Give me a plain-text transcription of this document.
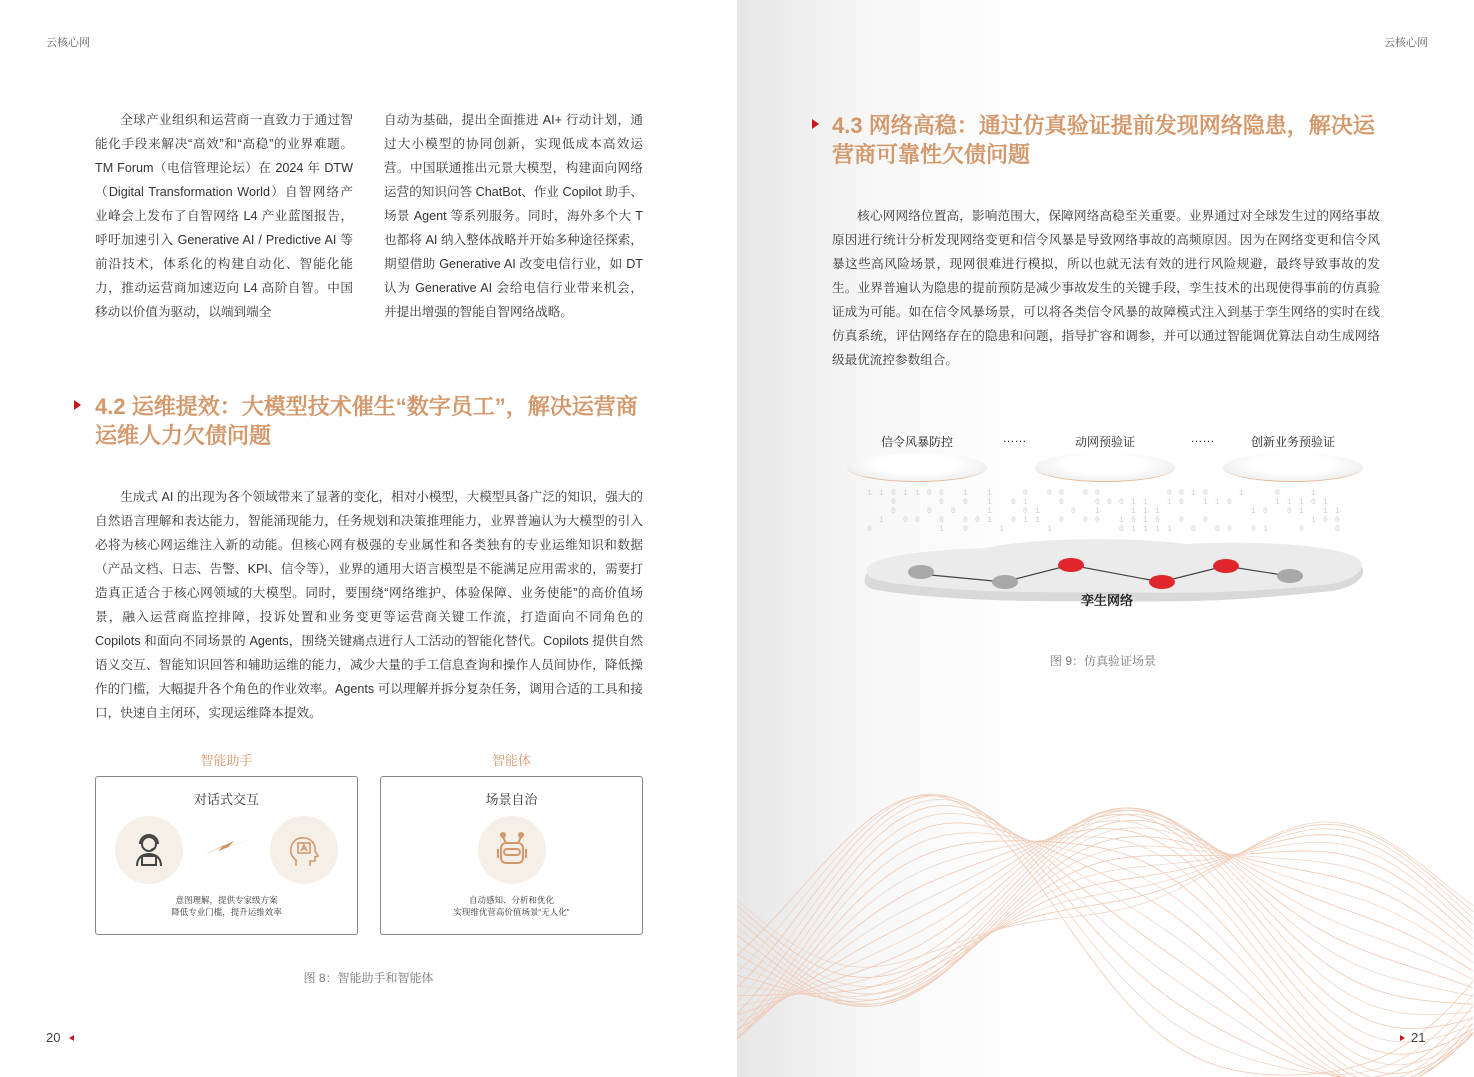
云核心网

全球产业组织和运营商一直致力于通过智能化手段来解决“高效”和“高稳”的业界难题。TM Forum（电信管理论坛）在 2024 年 DTW（Digital Transformation World）自智网络产业峰会上发布了自智网络 L4 产业蓝图报告，呼吁加速引入 Generative AI / Predictive AI 等前沿技术，体系化的构建自动化、智能化能力，推动运营商加速迈向 L4 高阶自智。中国移动以价值为驱动，以端到端全

自动为基础，提出全面推进 AI+ 行动计划，通过大小模型的协同创新，实现低成本高效运营。中国联通推出元景大模型，构建面向网络运营的知识问答 ChatBot、作业 Copilot 助手、场景 Agent 等系列服务。同时，海外多个大 T 也都将 AI 纳入整体战略并开始多种途径探索，期望借助 Generative AI 改变电信行业，如 DT 认为 Generative AI 会给电信行业带来机会，并提出增强的智能自智网络战略。
4.2 运维提效：大模型技术催生“数字员工”，解决运营商运维人力欠债问题

生成式 AI 的出现为各个领域带来了显著的变化，相对小模型，大模型具备广泛的知识，强大的自然语言理解和表达能力，智能涌现能力，任务规划和决策推理能力，业界普遍认为大模型的引入必将为核心网运维注入新的动能。但核心网有极强的专业属性和各类独有的专业运维知识和数据（产品文档、日志、告警、KPI、信令等），业界的通用大语言模型是不能满足应用需求的，需要打造真正适合于核心网领域的大模型。同时，要围绕“网络维护、体验保障、业务使能”的高价值场景，融入运营商监控排障，投诉处置和业务变更等运营商关键工作流，打造面向不同角色的 Copilots 和面向不同场景的 Agents，围绕关键痛点进行人工活动的智能化替代。Copilots 提供自然语义交互、智能知识回答和辅助运维的能力，减少大量的手工信息查询和操作人员间协作，降低操作的门槛，大幅提升各个角色的作业效率。Agents 可以理解并拆分复杂任务，调用合适的工具和接口，快速自主闭环，实现运维降本提效。

智能助手	智能体
对话式交互
意图理解，提供专家级方案
降低专业门槛，提升运维效率
场景自治
自动感知、分析和优化
实现维优营高价值场景“无人化”
图 8：智能助手和智能体
20
云核心网
4.3 网络高稳：通过仿真验证提前发现网络隐患，解决运营商可靠性欠债问题

核心网网络位置高，影响范围大，保障网络高稳至关重要。业界通过对全球发生过的网络事故原因进行统计分析发现网络变更和信令风暴是导致网络事故的高频原因。因为在网络变更和信令风暴这些高风险场景，现网很难进行模拟，所以也就无法有效的进行风险规避，最终导致事故的发生。业界普遍认为隐患的提前预防是减少事故发生的关键手段，孪生技术的出现使得事前的仿真验证成为可能。如在信令风暴场景，可以将各类信令风暴的故障模式注入到基于孪生网络的实时在线仿真系统，评估网络存在的隐患和问题，指导扩容和调参，并可以通过智能调优算法自动生成网络级最优流控参数组合。

信令风暴防控	……	动网预验证	……	创新业务预验证
1
0
1
1
0
0
0
1
0
1
0
0
0
0
0
0
1
0
1
0
0
0
0
1
1
1
1
1
0
0
0
1
0
1
1
1
0
1
0
0
0
0
0
0
0
0
1
0
0 0
1
0
1
1
0
1
1
1
1
1
1
0
1
0
1
1
0
0
0
1
0
0
1
0
1
0
0
0
1
1
0
0
1
0
1 1
0
1
1
0
1
0
1
1
1
0
1
0
0
孪生网络
图 9：仿真验证场景
21
